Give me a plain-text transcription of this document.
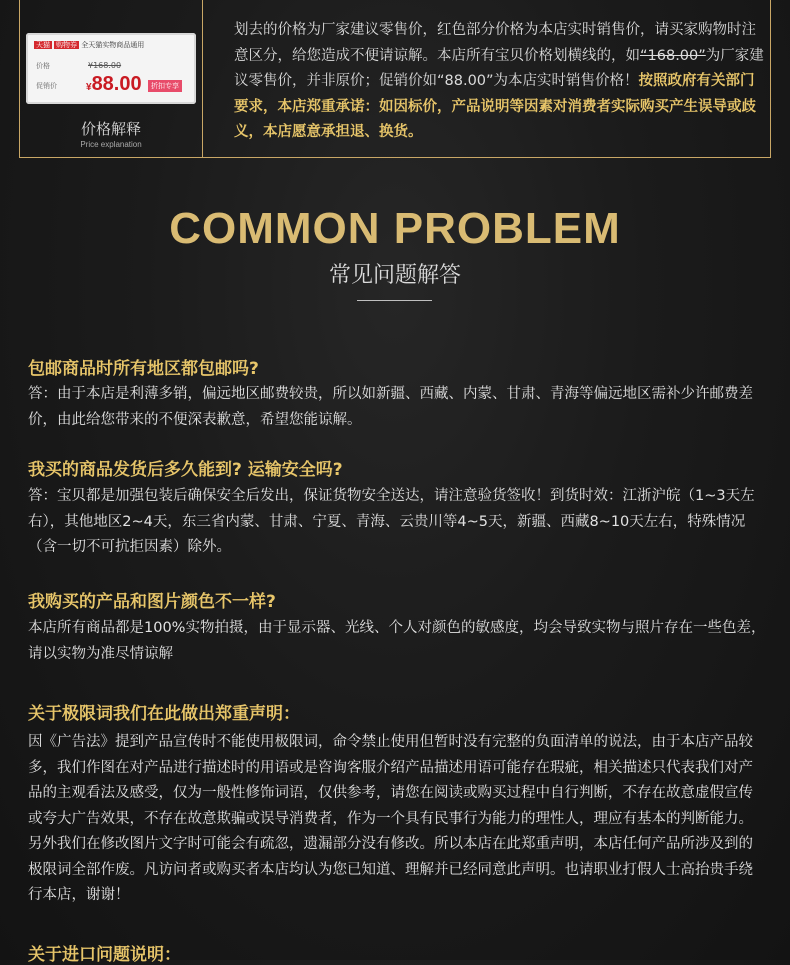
天猫 购物券 全天猫实物商品通用
价格	¥168.00
促销价	¥88.00	折扣专享
价格解释
Price explanation
划去的价格为厂家建议零售价，红色部分价格为本店实时销售价，请买家购物时注意区分，给您造成不便请谅解。本店所有宝贝价格划横线的，如“168.00”为厂家建议零售价，并非原价；促销价如“88.00”为本店实时销售价格！按照政府有关部门要求，本店郑重承诺：如因标价，产品说明等因素对消费者实际购买产生误导或歧义，本店愿意承担退、换货。
COMMON PROBLEM
常见问题解答
包邮商品时所有地区都包邮吗?
答：由于本店是利薄多销，偏远地区邮费较贵，所以如新疆、西藏、内蒙、甘肃、青海等偏远地区需补少许邮费差价，由此给您带来的不便深表歉意，希望您能谅解。
我买的商品发货后多久能到? 运输安全吗?
答：宝贝都是加强包装后确保安全后发出，保证货物安全送达，请注意验货签收！到货时效：江浙沪皖（1~3天左右），其他地区2~4天，东三省内蒙、甘肃、宁夏、青海、云贵川等4~5天，新疆、西藏8~10天左右，特殊情况（含一切不可抗拒因素）除外。
我购买的产品和图片颜色不一样?
本店所有商品都是100%实物拍摄，由于显示器、光线、个人对颜色的敏感度，均会导致实物与照片存在一些色差，请以实物为准尽情谅解
关于极限词我们在此做出郑重声明：
因《广告法》提到产品宣传时不能使用极限词，命令禁止使用但暂时没有完整的负面清单的说法，由于本店产品较多，我们作图在对产品进行描述时的用语或是咨询客服介绍产品描述用语可能存在瑕疵，相关描述只代表我们对产品的主观看法及感受，仅为一般性修饰词语，仅供参考，请您在阅读或购买过程中自行判断，不存在故意虚假宣传或夸大广告效果，不存在故意欺骗或误导消费者，作为一个具有民事行为能力的理性人，理应有基本的判断能力。另外我们在修改图片文字时可能会有疏忽，遗漏部分没有修改。所以本店在此郑重声明，本店任何产品所涉及到的极限词全部作废。凡访问者或购买者本店均认为您已知道、理解并已经同意此声明。也请职业打假人士高抬贵手绕行本店，谢谢！
关于进口问题说明：
